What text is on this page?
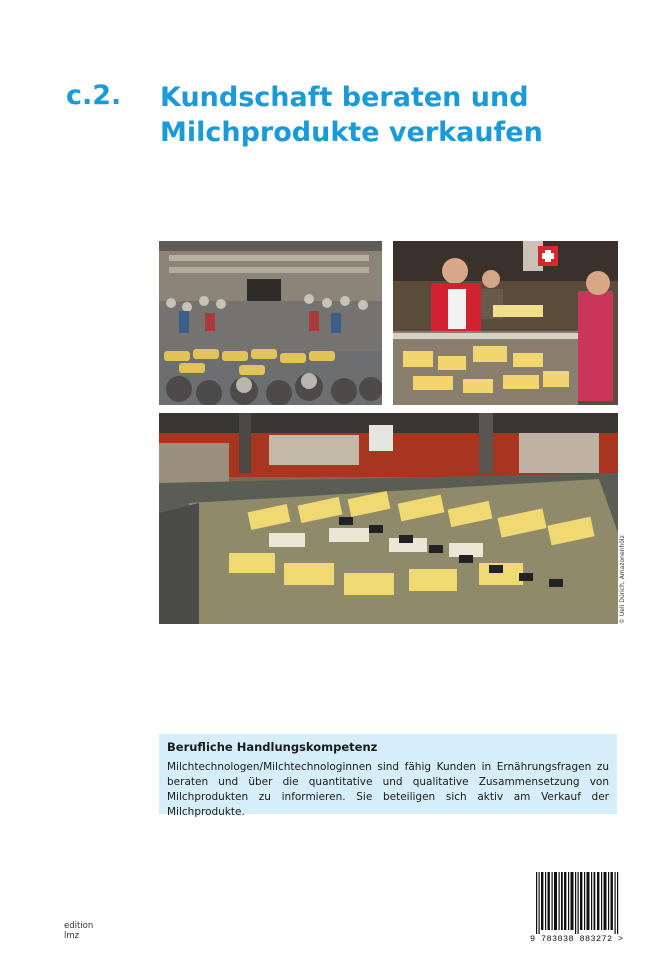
c.2. Kundschaft beraten und
Milchprodukte verkaufen
© Ueli Dürich, Amazonenhölz

Berufliche Handlungskompetenz

Milchtechnologen/Milchtechnologinnen sind fähig Kunden in Ernährungsfragen zu beraten und über die quantitative und qualitative Zusammensetzung von Milchprodukten zu informieren. Sie beteiligen sich aktiv am Verkauf der Milchprodukte.

edition
lmz	9 783038 883272 >
